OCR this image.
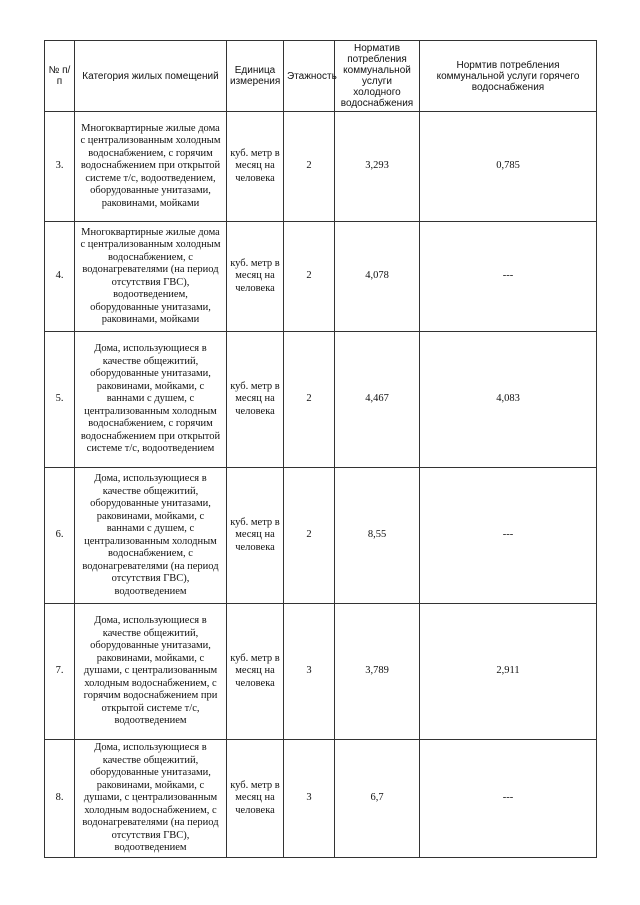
№ п/п	Категория жилых помещений	Единица измерения	Этажность	Норматив потребления коммунальной услуги холодного водоснабжения	Нормтив потребления коммунальной услуги горячего водоснабжения
3.	Многоквартирные жилые дома с централизованным холодным водоснабжением, с горячим водоснабжением при открытой системе т/с, водоотведением, оборудованные унитазами, раковинами, мойками	куб. метр в месяц на человека	2	3,293	0,785
4.	Многоквартирные жилые дома с централизованным холодным водоснабжением, с водонагревателями (на период отсутствия ГВС), водоотведением, оборудованные унитазами, раковинами, мойками	куб. метр в месяц на человека	2	4,078	---
5.	Дома, использующиеся в качестве общежитий, оборудованные унитазами, раковинами, мойками, с ваннами с душем, с централизованным холодным водоснабжением, с горячим водоснабжением при открытой системе т/с, водоотведением	куб. метр в месяц на человека	2	4,467	4,083
6.	Дома, использующиеся в качестве общежитий, оборудованные унитазами, раковинами, мойками, с ваннами с душем, с централизованным холодным водоснабжением, с водонагревателями (на период отсутствия ГВС), водоотведением	куб. метр в месяц на человека	2	8,55	---
7.	Дома, использующиеся в качестве общежитий, оборудованные унитазами, раковинами, мойками, с душами, с централизованным холодным водоснабжением, с горячим водоснабжением при открытой системе т/с, водоотведением	куб. метр в месяц на человека	3	3,789	2,911
8.	Дома, использующиеся в качестве общежитий, оборудованные унитазами, раковинами, мойками, с душами, с централизованным холодным водоснабжением, с водонагревателями (на период отсутствия ГВС), водоотведением	куб. метр в месяц на человека	3	6,7	---
